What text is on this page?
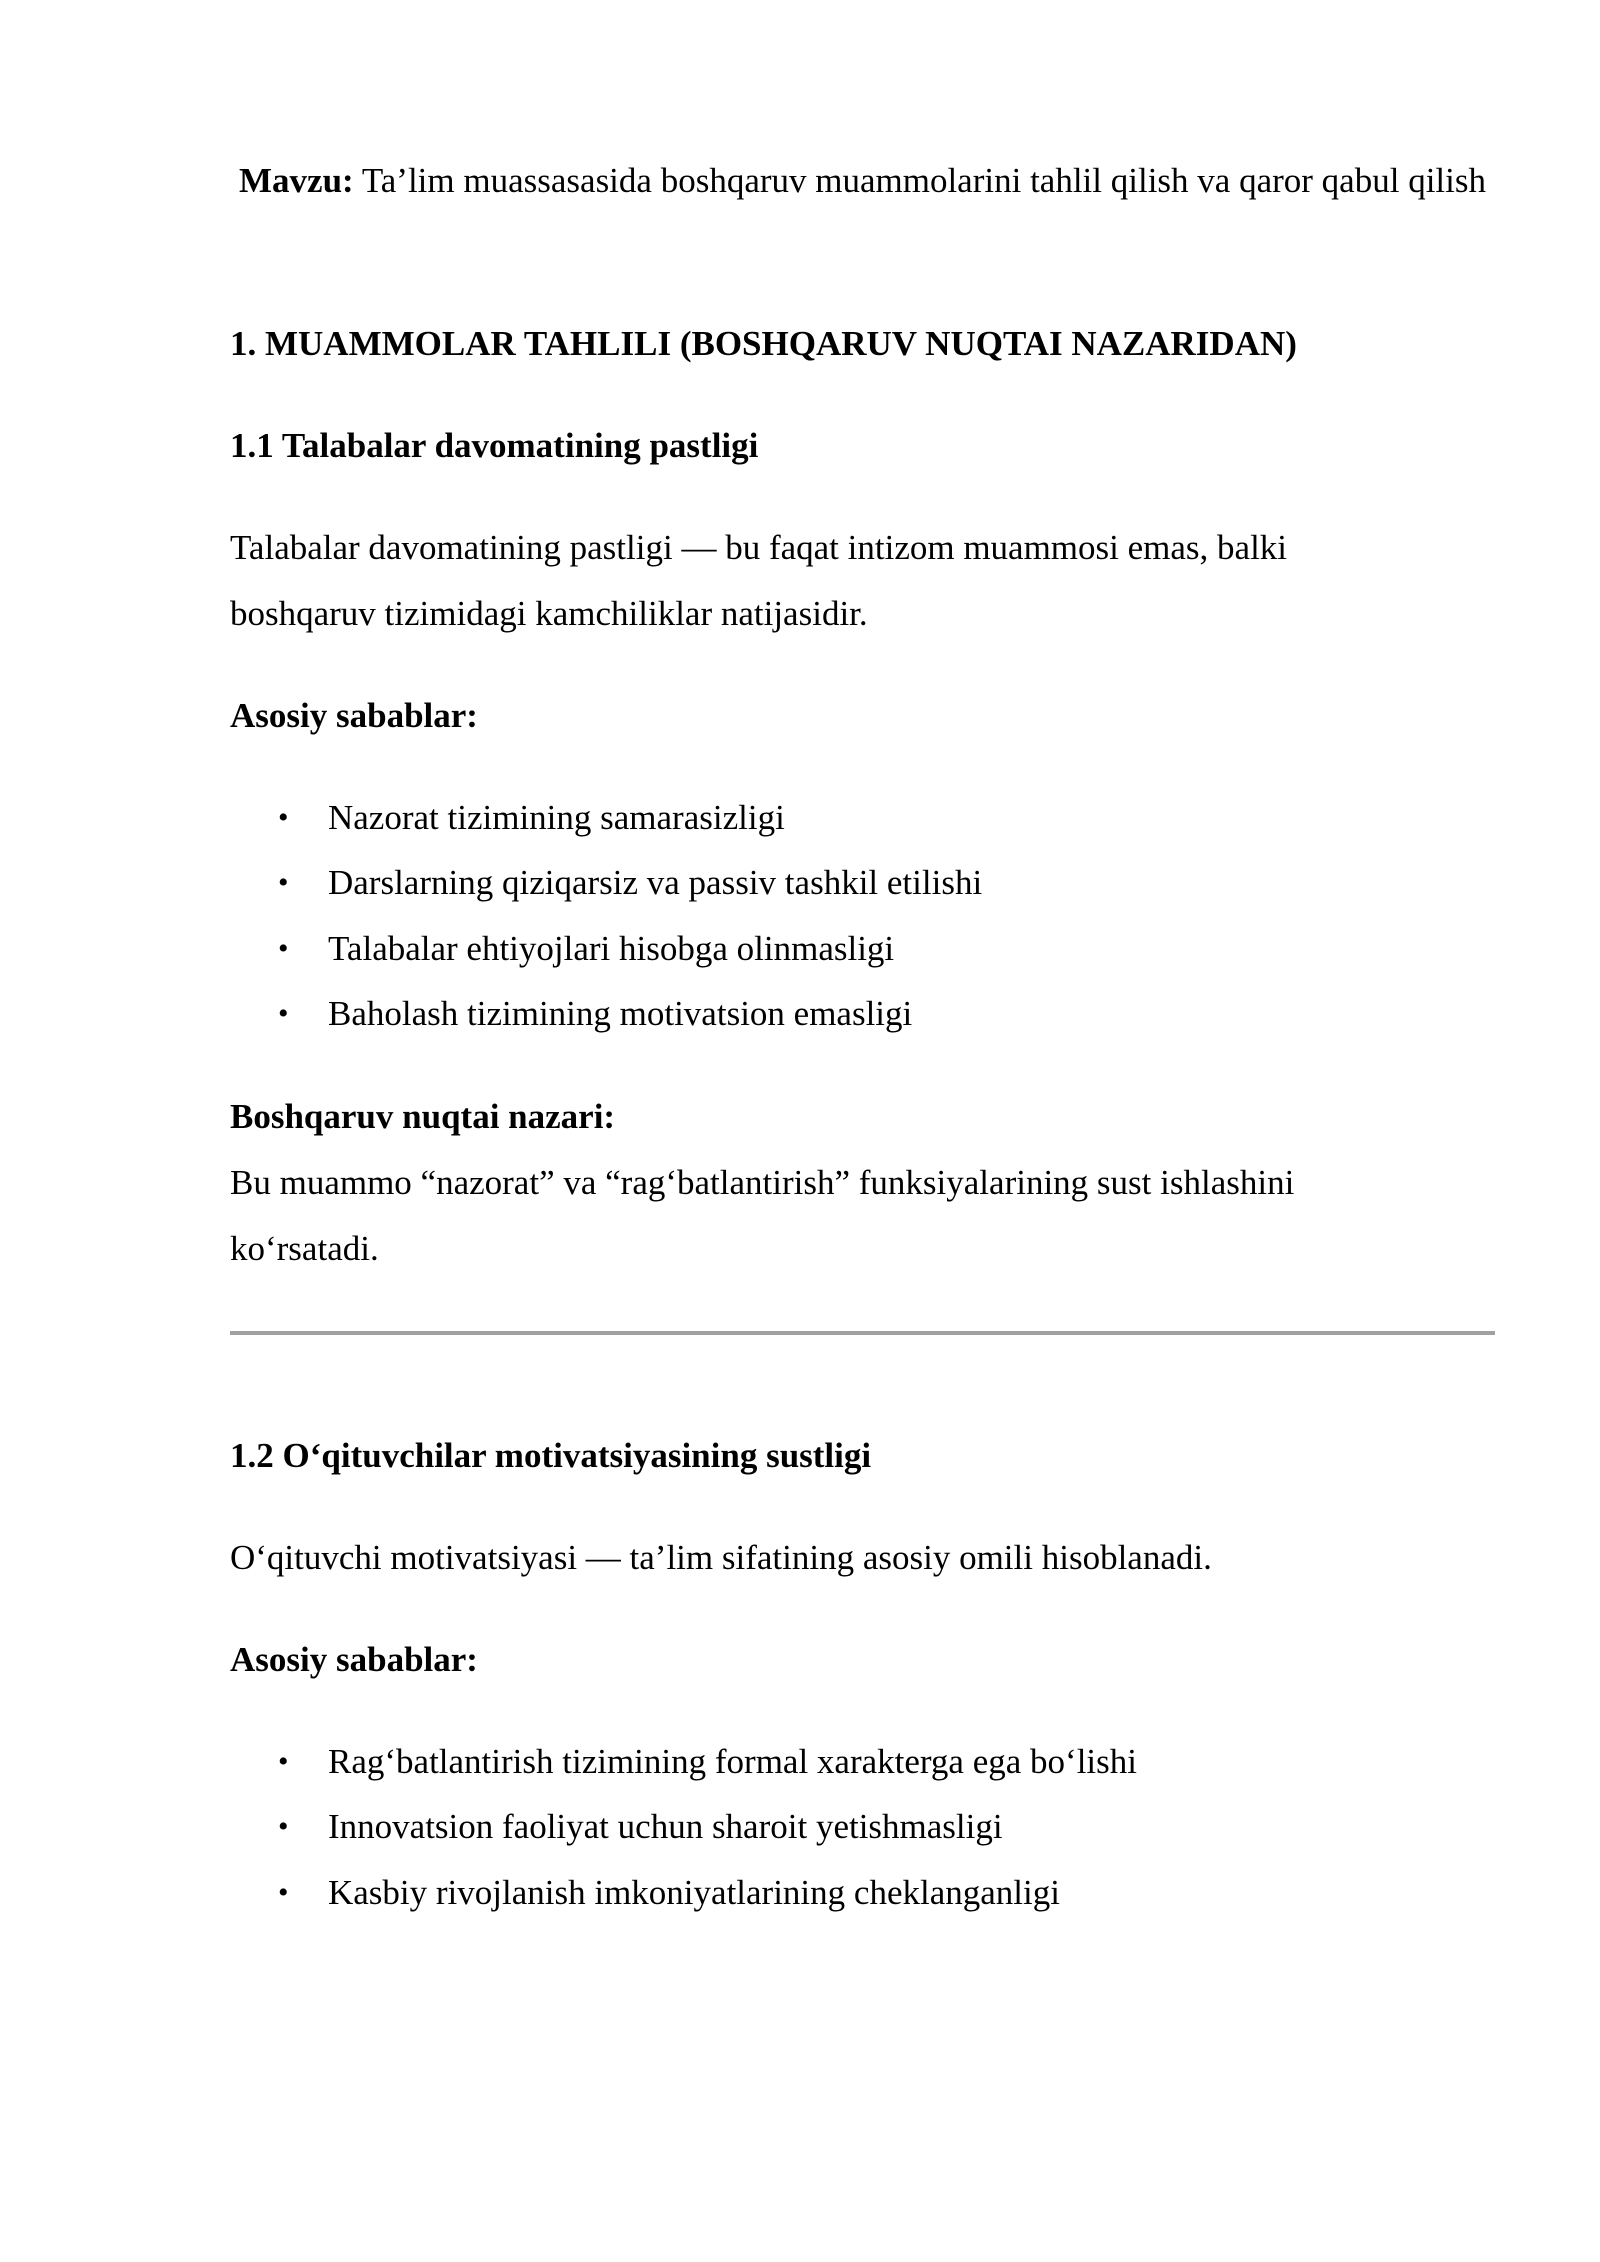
Mavzu: Ta’lim muassasasida boshqaruv muammolarini tahlil qilish va qaror qabul qilish
1. MUAMMOLAR TAHLILI (BOSHQARUV NUQTAI NAZARIDAN)
1.1 Talabalar davomatining pastligi
Talabalar davomatining pastligi — bu faqat intizom muammosi emas, balki
boshqaruv tizimidagi kamchiliklar natijasidir.
Asosiy sabablar:
• Nazorat tizimining samarasizligi
• Darslarning qiziqarsiz va passiv tashkil etilishi
• Talabalar ehtiyojlari hisobga olinmasligi
• Baholash tizimining motivatsion emasligi
Boshqaruv nuqtai nazari:
Bu muammo “nazorat” va “rag‘batlantirish” funksiyalarining sust ishlashini
ko‘rsatadi.
1.2 O‘qituvchilar motivatsiyasining sustligi
O‘qituvchi motivatsiyasi — ta’lim sifatining asosiy omili hisoblanadi.
Asosiy sabablar:
• Rag‘batlantirish tizimining formal xarakterga ega bo‘lishi
• Innovatsion faoliyat uchun sharoit yetishmasligi
• Kasbiy rivojlanish imkoniyatlarining cheklanganligi
